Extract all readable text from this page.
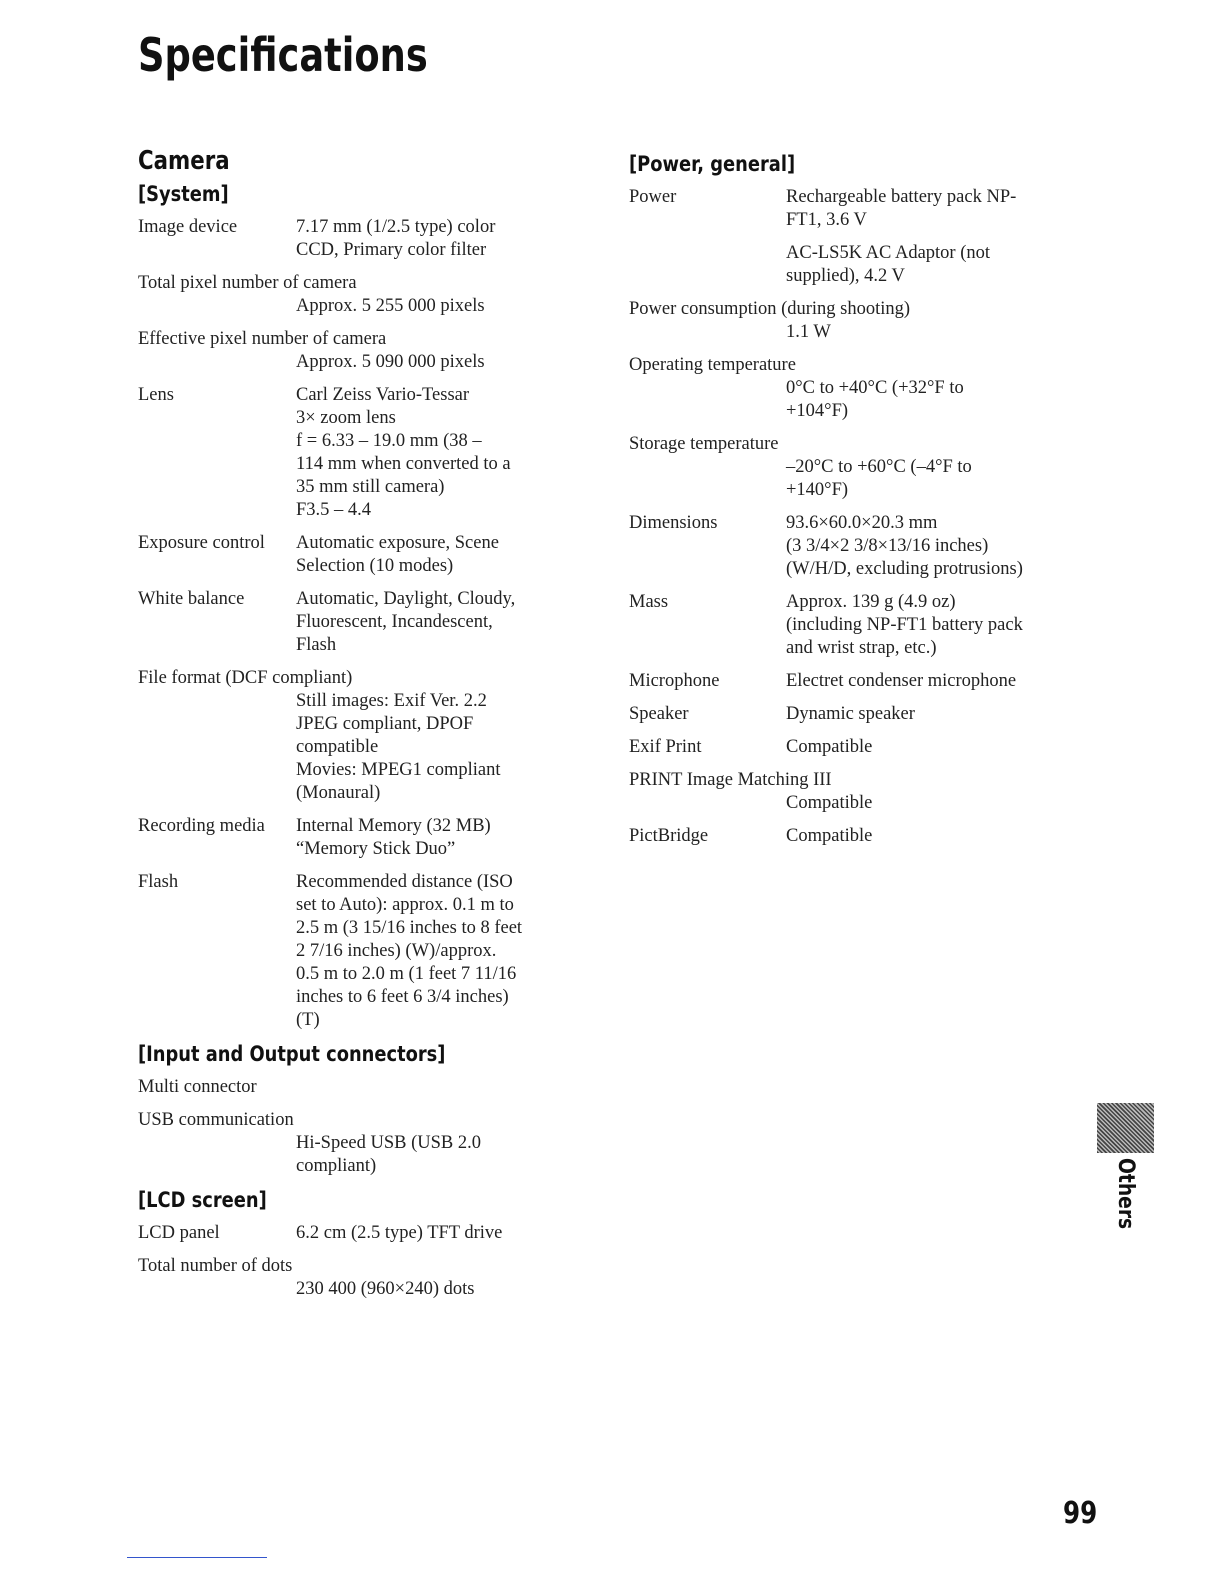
Specifications
Camera
[System]
Image device	7.17 mm (1/2.5 type) color
CCD, Primary color filter
Total pixel number of camera
Approx. 5 255 000 pixels
Effective pixel number of camera
Approx. 5 090 000 pixels
Lens	Carl Zeiss Vario-Tessar
3× zoom lens
f = 6.33 – 19.0 mm (38 –
114 mm when converted to a
35 mm still camera)
F3.5 – 4.4
Exposure control	Automatic exposure, Scene
Selection (10 modes)
White balance	Automatic, Daylight, Cloudy,
Fluorescent, Incandescent,
Flash
File format (DCF compliant)
Still images: Exif Ver. 2.2
JPEG compliant, DPOF
compatible
Movies: MPEG1 compliant
(Monaural)
Recording media	Internal Memory (32 MB)
“Memory Stick Duo”
Flash	Recommended distance (ISO
set to Auto): approx. 0.1 m to
2.5 m (3 15/16 inches to 8 feet
2 7/16 inches) (W)/approx.
0.5 m to 2.0 m (1 feet 7 11/16
inches to 6 feet 6 3/4 inches)
(T)
[Input and Output connectors]
Multi connector
USB communication
Hi-Speed USB (USB 2.0
compliant)
[LCD screen]
LCD panel	6.2 cm (2.5 type) TFT drive
Total number of dots
230 400 (960×240) dots
[Power, general]
Power	Rechargeable battery pack NP-
FT1, 3.6 V
AC-LS5K AC Adaptor (not
supplied), 4.2 V
Power consumption (during shooting)
1.1 W
Operating temperature
0°C to +40°C (+32°F to
+104°F)
Storage temperature
–20°C to +60°C (–4°F to
+140°F)
Dimensions	93.6×60.0×20.3 mm
(3 3/4×2 3/8×13/16 inches)
(W/H/D, excluding protrusions)
Mass	Approx. 139 g (4.9 oz)
(including NP-FT1 battery pack
and wrist strap, etc.)
Microphone	Electret condenser microphone
Speaker	Dynamic speaker
Exif Print	Compatible
PRINT Image Matching III
Compatible
PictBridge	Compatible
Others
99
